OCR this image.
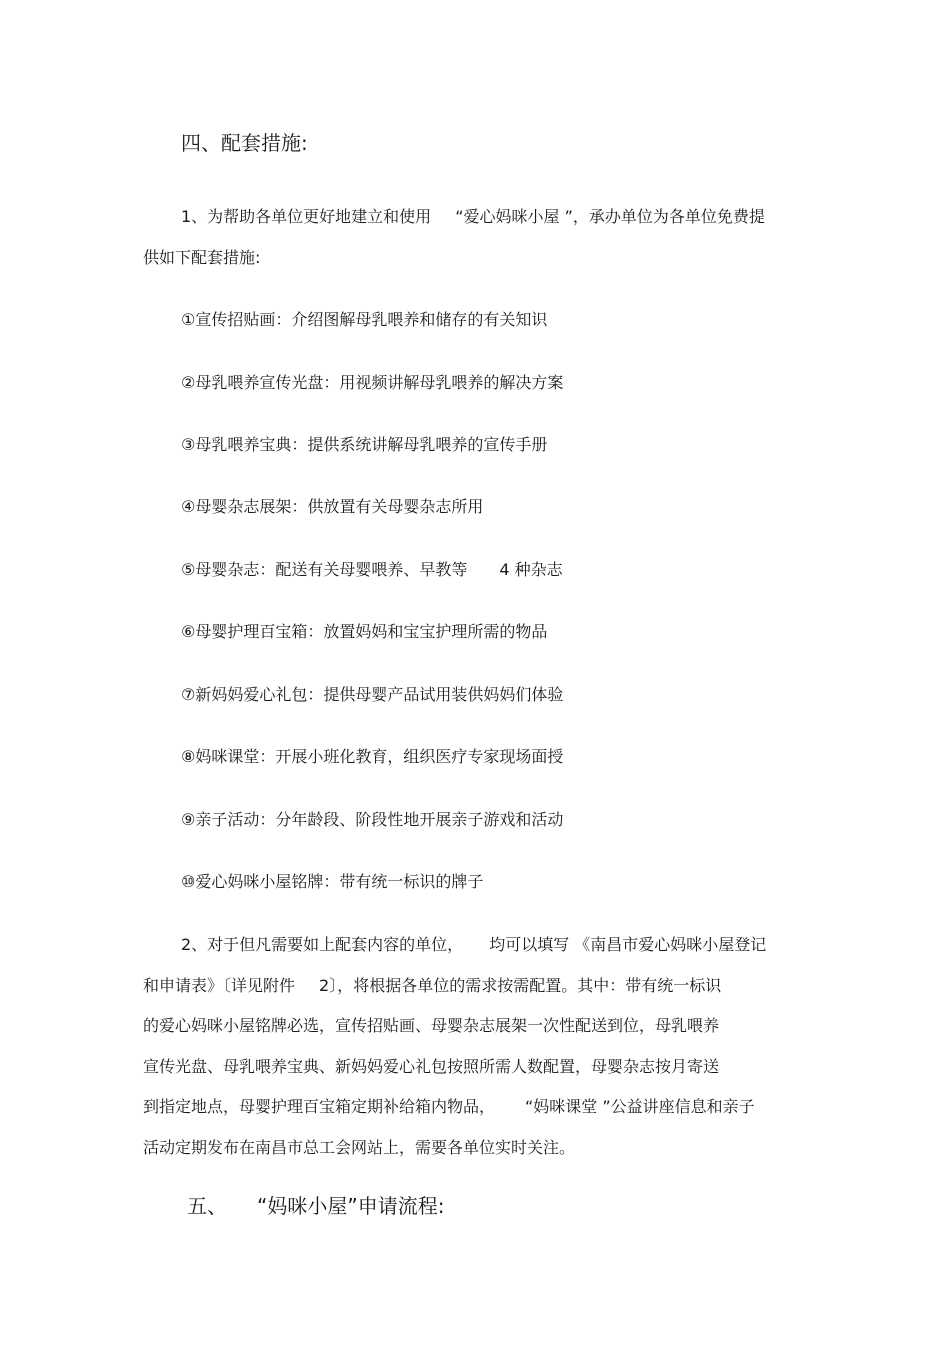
四、配套措施:
1、为帮助各单位更好地建立和使用 “爱心妈咪小屋 ”，承办单位为各单位免费提
供如下配套措施:
①宣传招贴画：介绍图解母乳喂养和储存的有关知识
②母乳喂养宣传光盘：用视频讲解母乳喂养的解决方案
③母乳喂养宝典：提供系统讲解母乳喂养的宣传手册
④母婴杂志展架：供放置有关母婴杂志所用
⑤母婴杂志：配送有关母婴喂养、早教等 4 种杂志
⑥母婴护理百宝箱：放置妈妈和宝宝护理所需的物品
⑦新妈妈爱心礼包：提供母婴产品试用装供妈妈们体验
⑧妈咪课堂：开展小班化教育，组织医疗专家现场面授
⑨亲子活动：分年龄段、阶段性地开展亲子游戏和活动
⑩爱心妈咪小屋铭牌：带有统一标识的牌子
2、对于但凡需要如上配套内容的单位， 均可以填写 《南昌市爱心妈咪小屋登记
和申请表》〔详见附件 2〕，将根据各单位的需求按需配置。其中：带有统一标识
的爱心妈咪小屋铭牌必选，宣传招贴画、母婴杂志展架一次性配送到位，母乳喂养
宣传光盘、母乳喂养宝典、新妈妈爱心礼包按照所需人数配置，母婴杂志按月寄送
到指定地点，母婴护理百宝箱定期补给箱内物品， “妈咪课堂 ”公益讲座信息和亲子
活动定期发布在南昌市总工会网站上，需要各单位实时关注。
五、 “妈咪小屋”申请流程:
